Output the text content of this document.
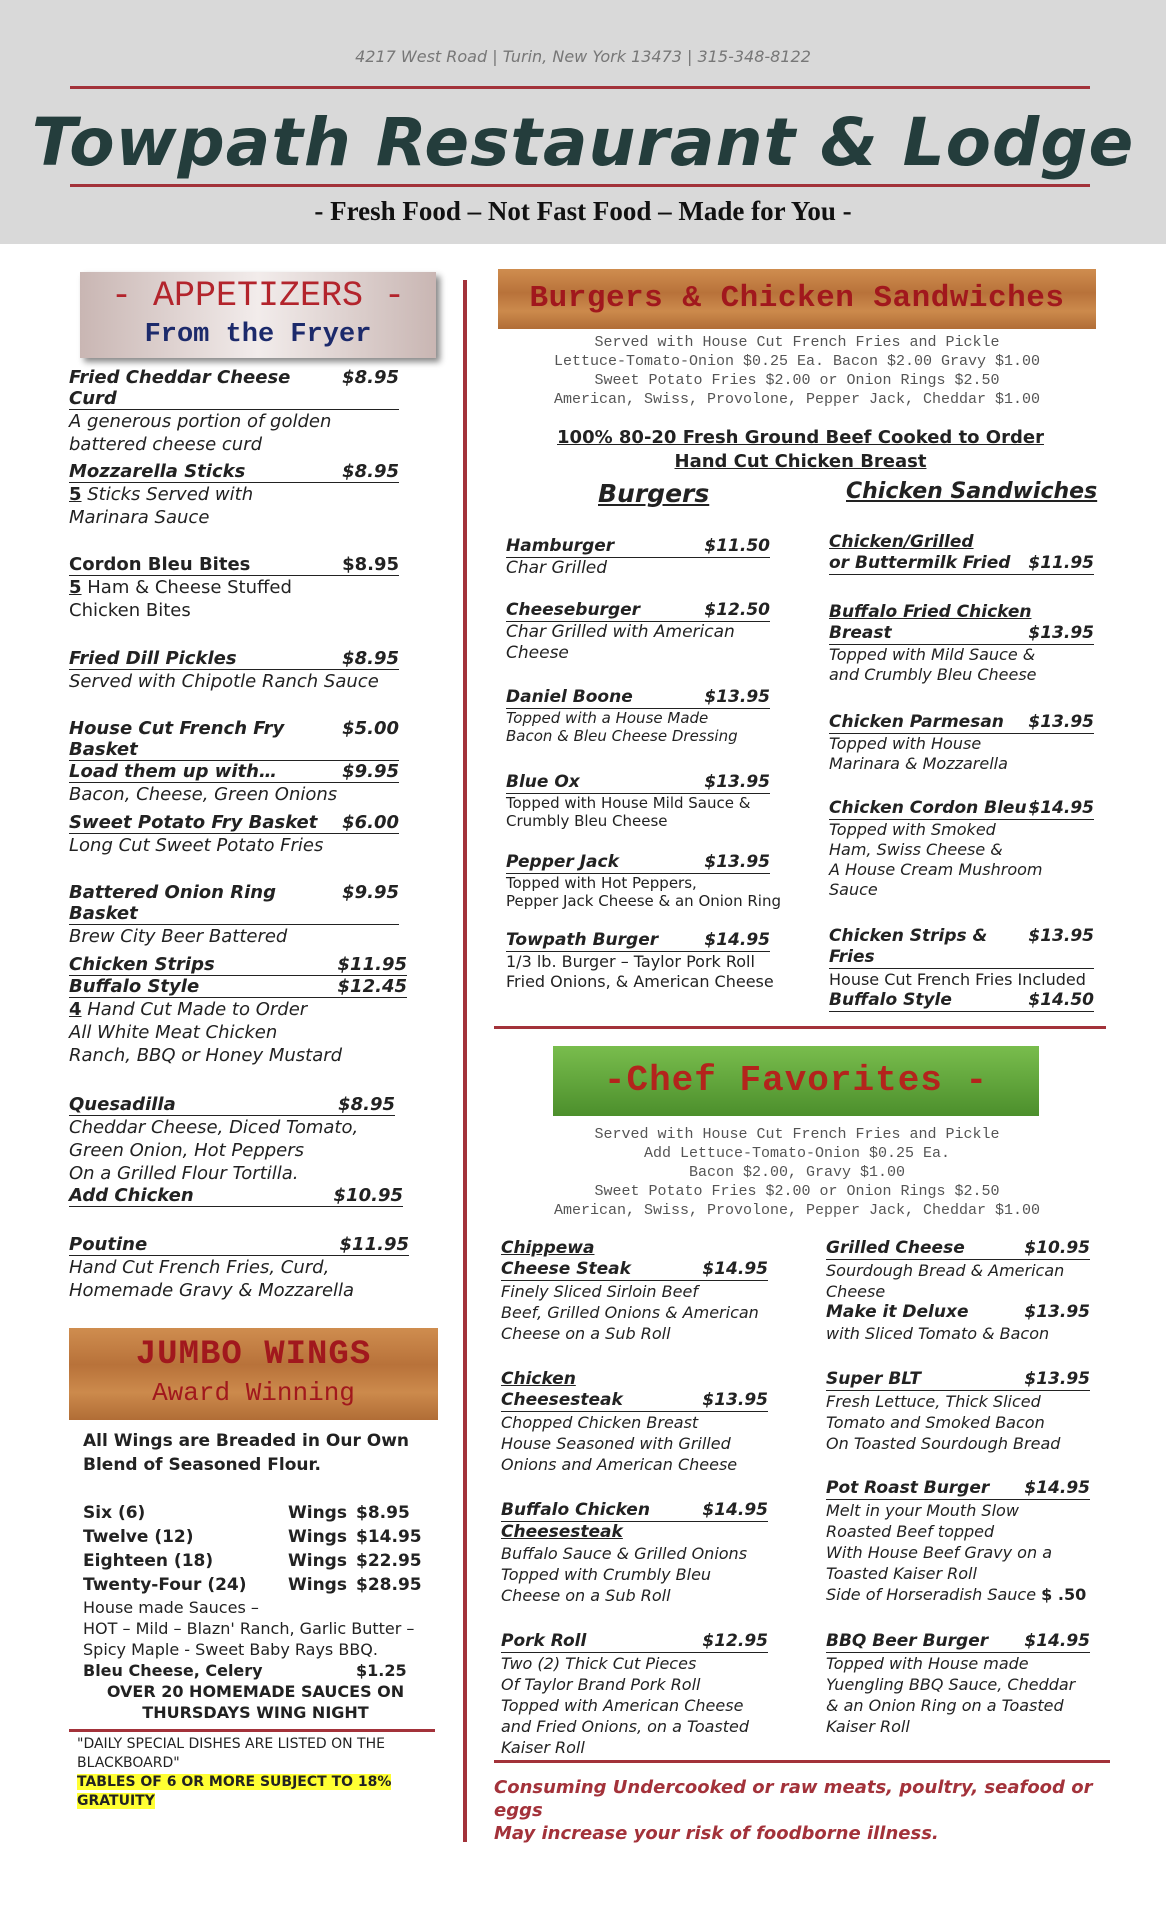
4217 West Road | Turin, New York 13473 | 315-348-8122
Towpath Restaurant & Lodge
- Fresh Food – Not Fast Food – Made for You -
- APPETIZERS -
From the Fryer
Fried Cheddar Cheese Curd
$8.95
A generous portion of golden
battered cheese curd
Mozzarella Sticks	$8.95
5 Sticks Served with
Marinara Sauce
Cordon Bleu Bites	$8.95
5 Ham & Cheese Stuffed
Chicken Bites
Fried Dill Pickles	$8.95
Served with Chipotle Ranch Sauce
House Cut French Fry Basket
$5.00
Load them up with…	$9.95
Bacon, Cheese, Green Onions
Sweet Potato Fry Basket $6.00
Long Cut Sweet Potato Fries
Battered Onion Ring Basket
$9.95
Brew City Beer Battered
Chicken Strips	$11.95
Buffalo Style	$12.45
4 Hand Cut Made to Order
All White Meat Chicken
Ranch, BBQ or Honey Mustard
Quesadilla	$8.95
Cheddar Cheese, Diced Tomato,
Green Onion, Hot Peppers
On a Grilled Flour Tortilla.
Add Chicken	$10.95
Poutine	$11.95
Hand Cut French Fries, Curd,
Homemade Gravy & Mozzarella
JUMBO WINGS
Award Winning
All Wings are Breaded in Our Own
Blend of Seasoned Flour.
Six (6)	Wings $8.95
Twelve (12)	Wings $14.95
Eighteen (18)	Wings $22.95
Twenty-Four (24) Wings $28.95
House made Sauces –
HOT – Mild – Blazn' Ranch, Garlic Butter –
Spicy Maple - Sweet Baby Rays BBQ.
Bleu Cheese, Celery	$1.25
OVER 20 HOMEMADE SAUCES ON
THURSDAYS WING NIGHT
"DAILY SPECIAL DISHES ARE LISTED ON THE
BLACKBOARD"
TABLES OF 6 OR MORE SUBJECT TO 18%
GRATUITY
Burgers & Chicken Sandwiches
Served with House Cut French Fries and Pickle
Lettuce-Tomato-Onion $0.25 Ea. Bacon $2.00 Gravy $1.00
Sweet Potato Fries $2.00 or Onion Rings $2.50
American, Swiss, Provolone, Pepper Jack, Cheddar $1.00
100% 80-20 Fresh Ground Beef Cooked to Order
Hand Cut Chicken Breast
Burgers	Chicken Sandwiches
Hamburger	$11.50
Char Grilled
Cheeseburger	$12.50
Char Grilled with American
Cheese
Daniel Boone	$13.95
Topped with a House Made
Bacon & Bleu Cheese Dressing
Blue Ox	$13.95
Topped with House Mild Sauce &
Crumbly Bleu Cheese
Pepper Jack	$13.95
Topped with Hot Peppers,
Pepper Jack Cheese & an Onion Ring
Towpath Burger	$14.95
1/3 lb. Burger – Taylor Pork Roll
Fried Onions, & American Cheese
Chicken/Grilled
or Buttermilk Fried $11.95
Buffalo Fried Chicken
Breast	$13.95
Topped with Mild Sauce &
and Crumbly Bleu Cheese
Chicken Parmesan $13.95
Topped with House
Marinara & Mozzarella
Chicken Cordon Bleu $14.95
Topped with Smoked
Ham, Swiss Cheese &
A House Cream Mushroom
Sauce
Chicken Strips & Fries
$13.95
House Cut French Fries Included
Buffalo Style	$14.50
-Chef Favorites -
Served with House Cut French Fries and Pickle
Add Lettuce-Tomato-Onion $0.25 Ea.
Bacon $2.00, Gravy $1.00
Sweet Potato Fries $2.00 or Onion Rings $2.50
American, Swiss, Provolone, Pepper Jack, Cheddar $1.00
Chippewa
Cheese Steak	$14.95
Finely Sliced Sirloin Beef
Beef, Grilled Onions & American
Cheese on a Sub Roll
Chicken
Cheesesteak	$13.95
Chopped Chicken Breast
House Seasoned with Grilled
Onions and American Cheese
Buffalo Chicken	$14.95
Cheesesteak
Buffalo Sauce & Grilled Onions
Topped with Crumbly Bleu
Cheese on a Sub Roll
Pork Roll	$12.95
Two (2) Thick Cut Pieces
Of Taylor Brand Pork Roll
Topped with American Cheese
and Fried Onions, on a Toasted
Kaiser Roll
Grilled Cheese	$10.95
Sourdough Bread & American
Cheese
Make it Deluxe	$13.95
with Sliced Tomato & Bacon
Super BLT	$13.95
Fresh Lettuce, Thick Sliced
Tomato and Smoked Bacon
On Toasted Sourdough Bread
Pot Roast Burger $14.95
Melt in your Mouth Slow
Roasted Beef topped
With House Beef Gravy on a
Toasted Kaiser Roll
Side of Horseradish Sauce $ .50
BBQ Beer Burger $14.95
Topped with House made
Yuengling BBQ Sauce, Cheddar
& an Onion Ring on a Toasted
Kaiser Roll
Consuming Undercooked or raw meats, poultry, seafood or eggs
May increase your risk of foodborne illness.
